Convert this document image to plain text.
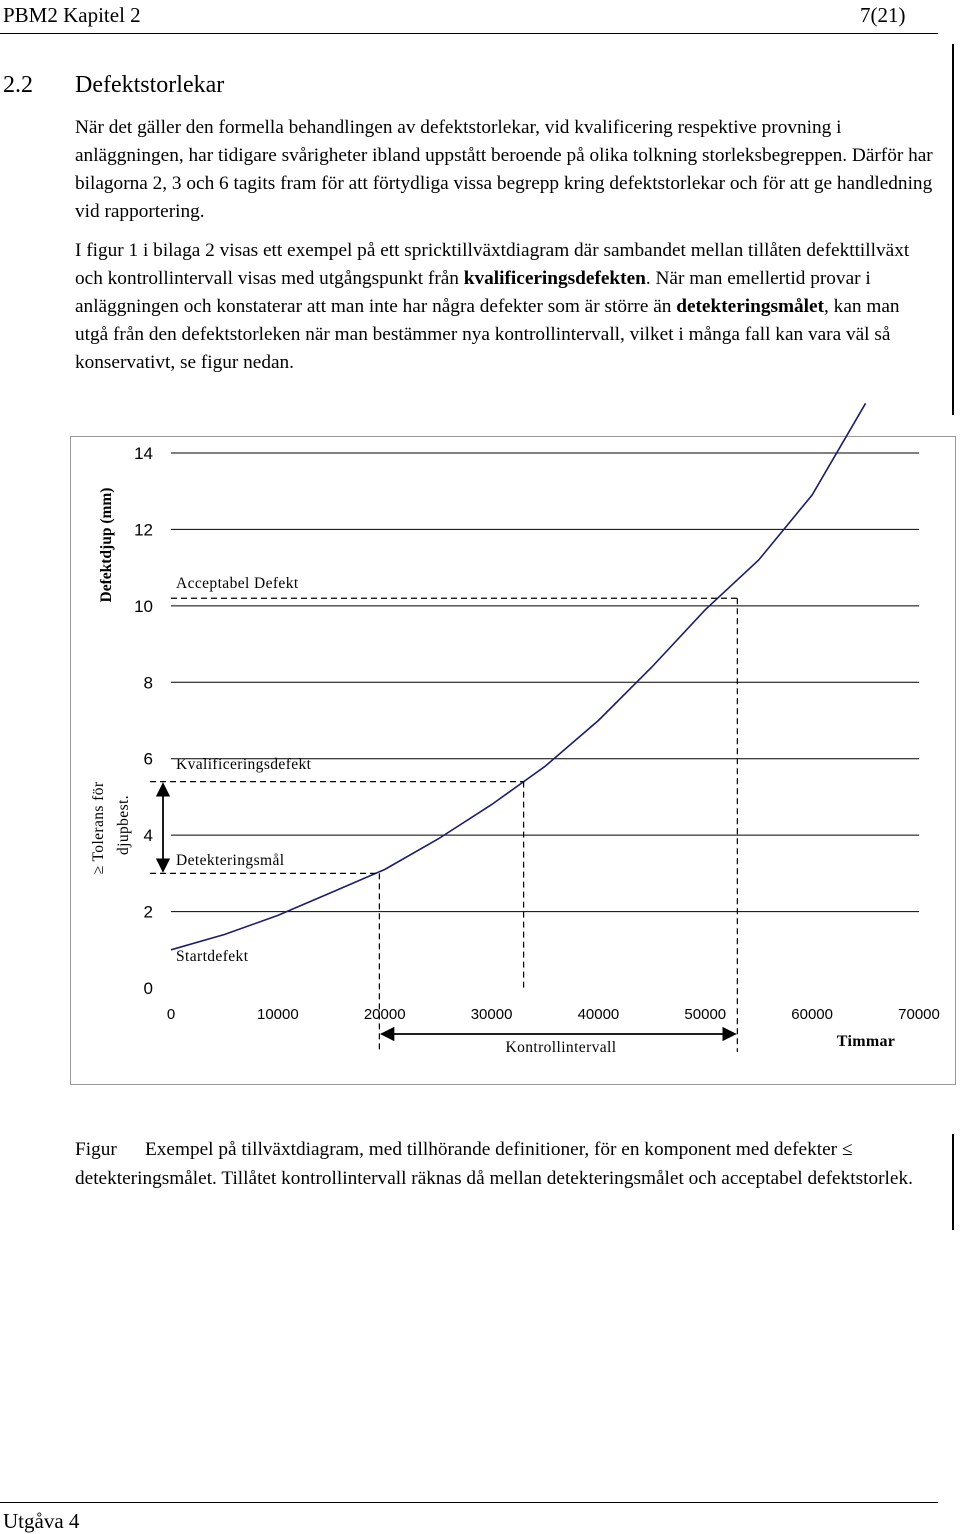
PBM2 Kapitel 2	7(21)
2.2 Defektstorlekar

När det gäller den formella behandlingen av defektstorlekar, vid kvalificering respektive provning i anläggningen, har tidigare svårigheter ibland uppstått beroende på olika tolkning storleksbegreppen. Därför har bilagorna 2, 3 och 6 tagits fram för att förtydliga vissa begrepp kring defektstorlekar och för att ge handledning vid rapportering.

I figur 1 i bilaga 2 visas ett exempel på ett spricktillväxtdiagram där sambandet mellan tillåten defekttillväxt och kontrollintervall visas med utgångspunkt från kvalificeringsdefekten. När man emellertid provar i anläggningen och konstaterar att man inte har några defekter som är större än detekteringsmålet, kan man utgå från den defektstorleken när man bestämmer nya kontrollintervall, vilket i många fall kan vara väl så konservativt, se figur nedan.

0
2
4
6
8
10
12
14
0	10000	20000	30000	40000	50000	60000	70000
Acceptabel Defekt
Kvalificeringsdefekt
Detekteringsmål
Startdefekt
Kontrollintervall	Timmar
Defektdjup (mm)
≥ Tolerans för djupbest.

Figur Exempel på tillväxtdiagram, med tillhörande definitioner, för en komponent med defekter ≤ detekteringsmålet. Tillåtet kontrollintervall räknas då mellan detekteringsmålet och acceptabel defektstorlek.

Utgåva 4
